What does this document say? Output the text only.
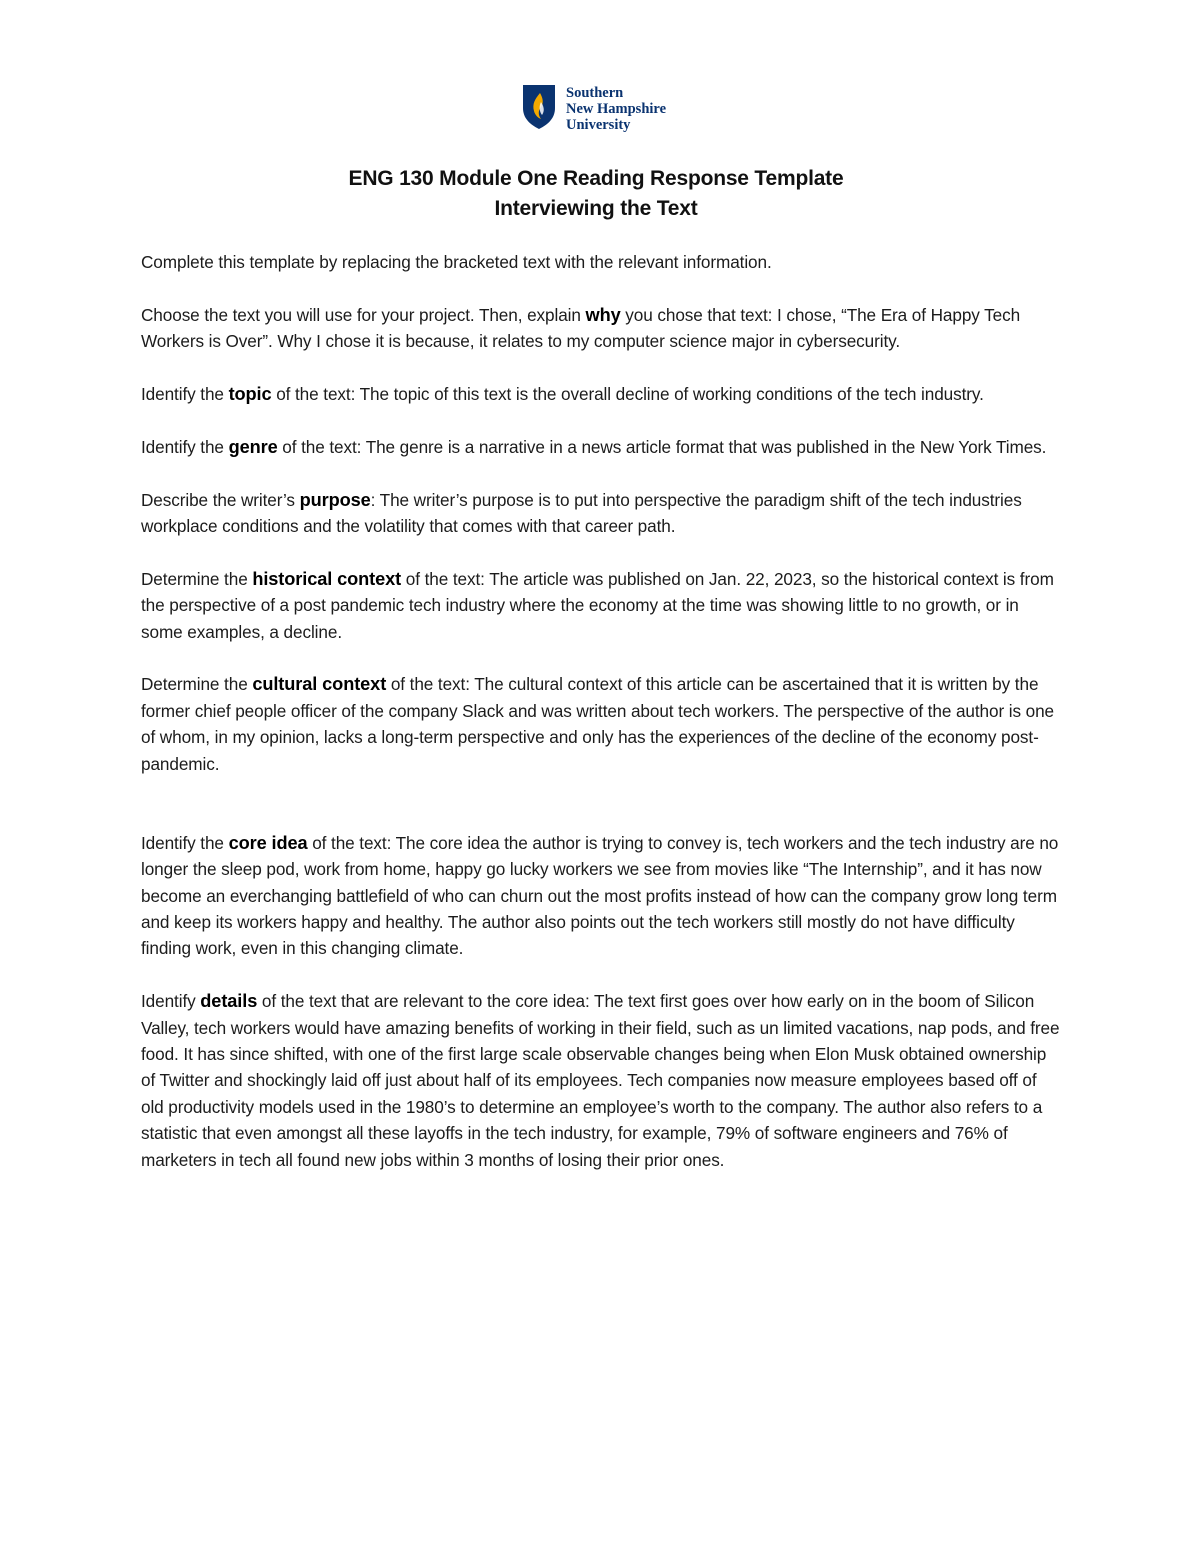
Southern
New Hampshire
University
ENG 130 Module One Reading Response Template
Interviewing the Text

Complete this template by replacing the bracketed text with the relevant information.

Choose the text you will use for your project. Then, explain why you chose that text: I chose, “The Era of Happy Tech Workers is Over”. Why I chose it is because, it relates to my computer science major in cybersecurity.

Identify the topic of the text: The topic of this text is the overall decline of working conditions of the tech industry.

Identify the genre of the text: The genre is a narrative in a news article format that was published in the New York Times.

Describe the writer’s purpose: The writer’s purpose is to put into perspective the paradigm shift of the tech industries workplace conditions and the volatility that comes with that career path.

Determine the historical context of the text: The article was published on Jan. 22, 2023, so the historical context is from the perspective of a post pandemic tech industry where the economy at the time was showing little to no growth, or in some examples, a decline.

Determine the cultural context of the text: The cultural context of this article can be ascertained that it is written by the former chief people officer of the company Slack and was written about tech workers. The perspective of the author is one of whom, in my opinion, lacks a long-term perspective and only has the experiences of the decline of the economy post-pandemic.

Identify the core idea of the text: The core idea the author is trying to convey is, tech workers and the tech industry are no longer the sleep pod, work from home, happy go lucky workers we see from movies like “The Internship”, and it has now become an everchanging battlefield of who can churn out the most profits instead of how can the company grow long term and keep its workers happy and healthy. The author also points out the tech workers still mostly do not have difficulty finding work, even in this changing climate.

Identify details of the text that are relevant to the core idea: The text first goes over how early on in the boom of Silicon Valley, tech workers would have amazing benefits of working in their field, such as un limited vacations, nap pods, and free food. It has since shifted, with one of the first large scale observable changes being when Elon Musk obtained ownership of Twitter and shockingly laid off just about half of its employees. Tech companies now measure employees based off of old productivity models used in the 1980’s to determine an employee’s worth to the company. The author also refers to a statistic that even amongst all these layoffs in the tech industry, for example, 79% of software engineers and 76% of marketers in tech all found new jobs within 3 months of losing their prior ones.
